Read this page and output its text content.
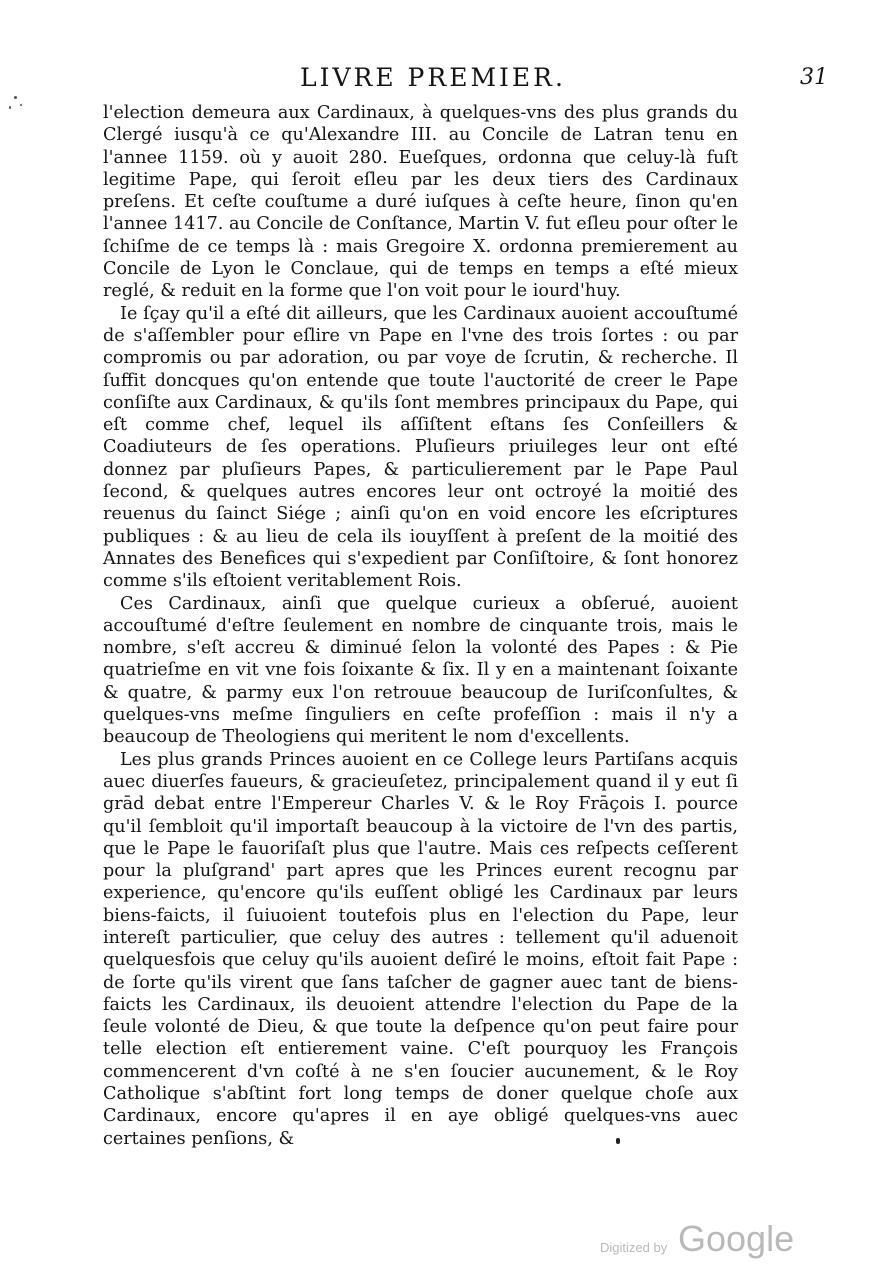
LIVRE PREMIER.	31

l'election demeura aux Cardinaux, à quelques-vns des plus grands du Clergé iusqu'à ce qu'Alexandre III. au Concile de Latran tenu en l'annee 1159. où y auoit 280. Eueſques, ordonna que celuy-là fuſt legitime Pape, qui ſeroit eſleu par les deux tiers des Cardinaux preſens. Et ceſte couſtume a duré iuſques à ceſte heure, ſinon qu'en l'annee 1417. au Concile de Conſtance, Martin V. fut eſleu pour oſter le ſchiſme de ce temps là : mais Gregoire X. ordonna premierement au Concile de Lyon le Conclaue, qui de temps en temps a eſté mieux reglé, & reduit en la forme que l'on voit pour le iourd'huy.

Ie ſçay qu'il a eſté dit ailleurs, que les Cardinaux auoient accouſtumé de s'aſſembler pour eſlire vn Pape en l'vne des trois ſortes : ou par compromis ou par adoration, ou par voye de ſcrutin, & recherche. Il ſuffit doncques qu'on entende que toute l'auctorité de creer le Pape conſiſte aux Cardinaux, & qu'ils ſont membres principaux du Pape, qui eſt comme chef, lequel ils aſſiſtent eſtans ſes Conſeillers & Coadiuteurs de ſes operations. Pluſieurs priuileges leur ont eſté donnez par pluſieurs Papes, & particulierement par le Pape Paul ſecond, & quelques autres encores leur ont octroyé la moitié des reuenus du ſainct Siége ; ainſi qu'on en void encore les eſcriptures publiques : & au lieu de cela ils iouyſſent à preſent de la moitié des Annates des Benefices qui s'expedient par Conſiſtoire, & ſont honorez comme s'ils eſtoient veritablement Rois.

Ces Cardinaux, ainſi que quelque curieux a obſerué, auoient accouſtumé d'eſtre ſeulement en nombre de cinquante trois, mais le nombre, s'eſt accreu & diminué ſelon la volonté des Papes : & Pie quatrieſme en vit vne fois ſoixante & ſix. Il y en a maintenant ſoixante & quatre, & parmy eux l'on retrouue beaucoup de Iuriſconſultes, & quelques-vns meſme ſinguliers en ceſte profeſſion : mais il n'y a beaucoup de Theologiens qui meritent le nom d'excellents.

Les plus grands Princes auoient en ce College leurs Partiſans acquis auec diuerſes faueurs, & gracieuſetez, principalement quand il y eut ſi grād debat entre l'Empereur Charles V. & le Roy Frāçois I. pource qu'il ſembloit qu'il importaſt beaucoup à la victoire de l'vn des partis, que le Pape le fauoriſaſt plus que l'autre. Mais ces reſpects ceſſerent pour la pluſgrand' part apres que les Princes eurent recognu par experience, qu'encore qu'ils euſſent obligé les Cardinaux par leurs biens-faicts, il ſuiuoient toutefois plus en l'election du Pape, leur intereſt particulier, que celuy des autres : tellement qu'il aduenoit quelquesfois que celuy qu'ils auoient deſiré le moins, eſtoit fait Pape : de ſorte qu'ils virent que ſans taſcher de gagner auec tant de biens-faicts les Cardinaux, ils deuoient attendre l'election du Pape de la ſeule volonté de Dieu, & que toute la deſpence qu'on peut faire pour telle election eſt entierement vaine. C'eſt pourquoy les François commencerent d'vn coſté à ne s'en ſoucier aucunement, & le Roy Catholique s'abſtint fort long temps de doner quelque choſe aux Cardinaux, encore qu'apres il en aye obligé quelques-vns auec certaines penſions, &

Digitized by Google
